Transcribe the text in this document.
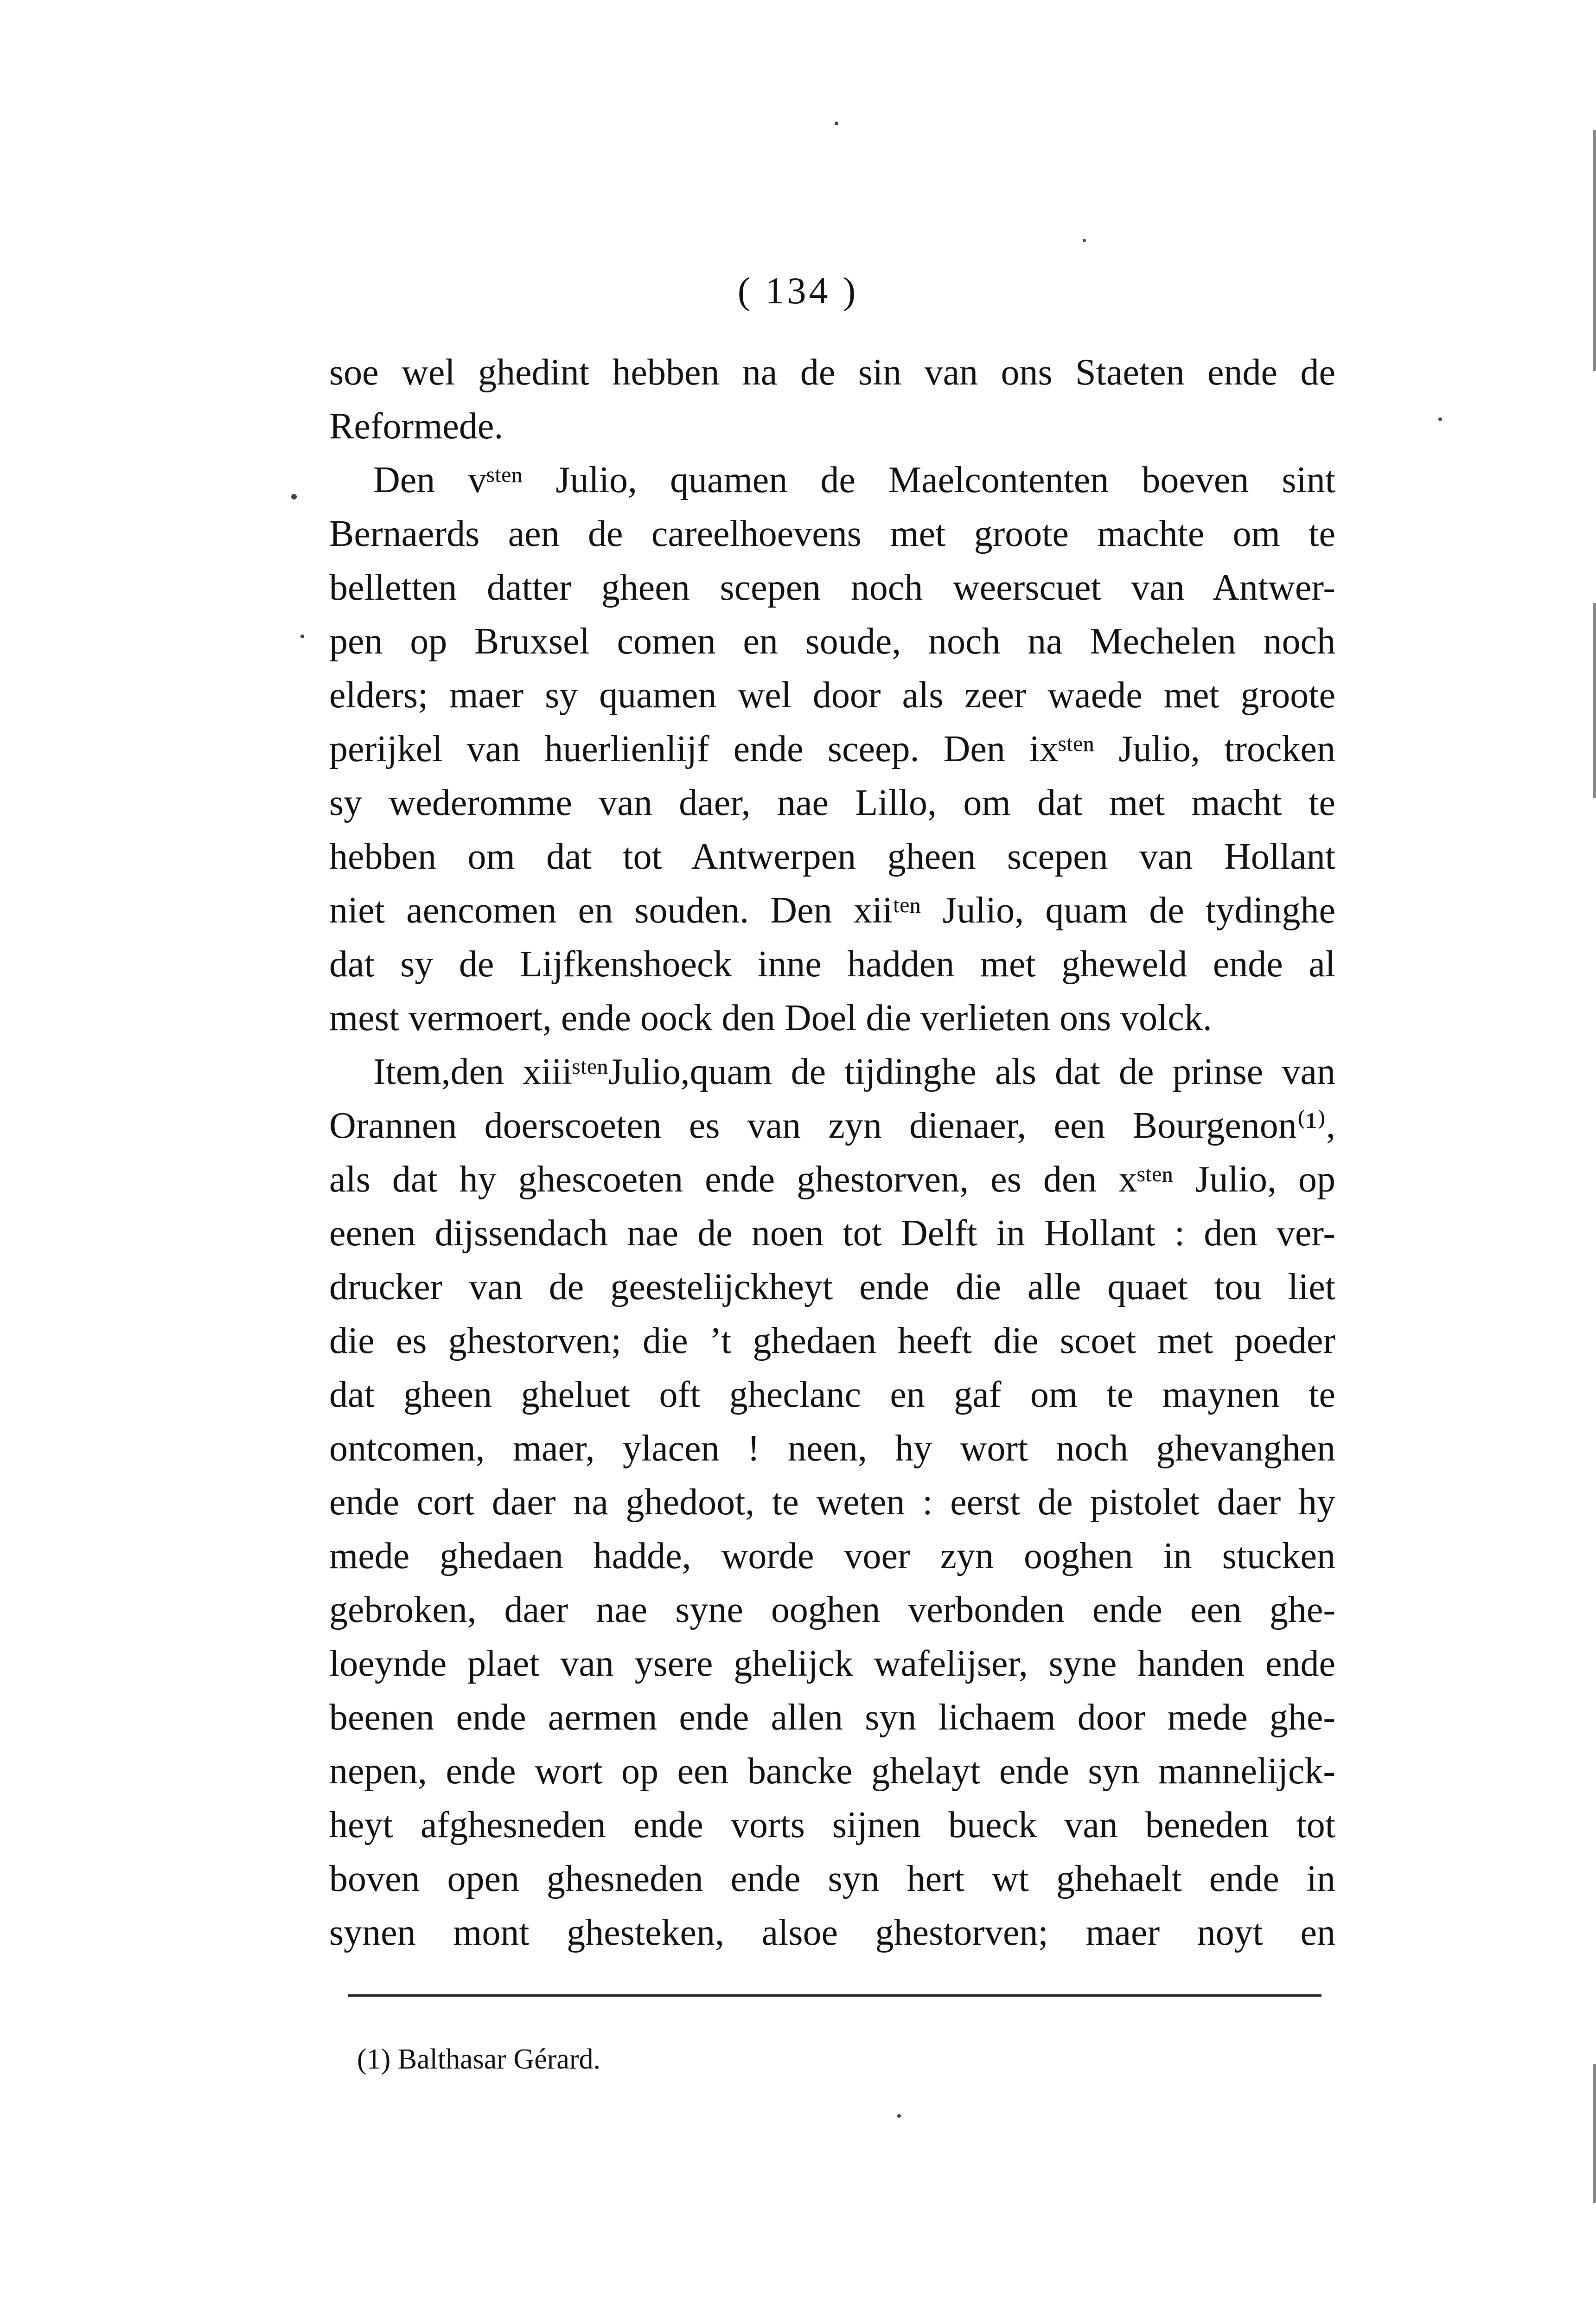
( 134 )
soe wel ghedint hebben na de sin van ons Staeten ende de
Reformede.
Den vˢᵗᵉⁿ Julio, quamen de Maelcontenten boeven sint
Bernaerds aen de careelhoevens met groote machte om te
belletten datter gheen scepen noch weerscuet van Antwer-
pen op Bruxsel comen en soude, noch na Mechelen noch
elders; maer sy quamen wel door als zeer waede met groote
perijkel van huerlienlijf ende sceep. Den ixˢᵗᵉⁿ Julio, trocken
sy wederomme van daer, nae Lillo, om dat met macht te
hebben om dat tot Antwerpen gheen scepen van Hollant
niet aencomen en souden. Den xiiᵗᵉⁿ Julio, quam de tydinghe
dat sy de Lijfkenshoeck inne hadden met gheweld ende al
mest vermoert, ende oock den Doel die verlieten ons volck.
Item,den xiiiˢᵗᵉⁿJulio,quam de tijdinghe als dat de prinse van
Orannen doerscoeten es van zyn dienaer, een Bourgenon⁽¹⁾,
als dat hy ghescoeten ende ghestorven, es den xˢᵗᵉⁿ Julio, op
eenen dijssendach nae de noen tot Delft in Hollant : den ver-
drucker van de geestelijckheyt ende die alle quaet tou liet
die es ghestorven; die ’t ghedaen heeft die scoet met poeder
dat gheen gheluet oft gheclanc en gaf om te maynen te
ontcomen, maer, ylacen ! neen, hy wort noch ghevanghen
ende cort daer na ghedoot, te weten : eerst de pistolet daer hy
mede ghedaen hadde, worde voer zyn ooghen in stucken
gebroken, daer nae syne ooghen verbonden ende een ghe-
loeynde plaet van ysere ghelijck wafelijser, syne handen ende
beenen ende aermen ende allen syn lichaem door mede ghe-
nepen, ende wort op een bancke ghelayt ende syn mannelijck-
heyt afghesneden ende vorts sijnen bueck van beneden tot
boven open ghesneden ende syn hert wt ghehaelt ende in
synen mont ghesteken, alsoe ghestorven; maer noyt en
(1) Balthasar Gérard.
